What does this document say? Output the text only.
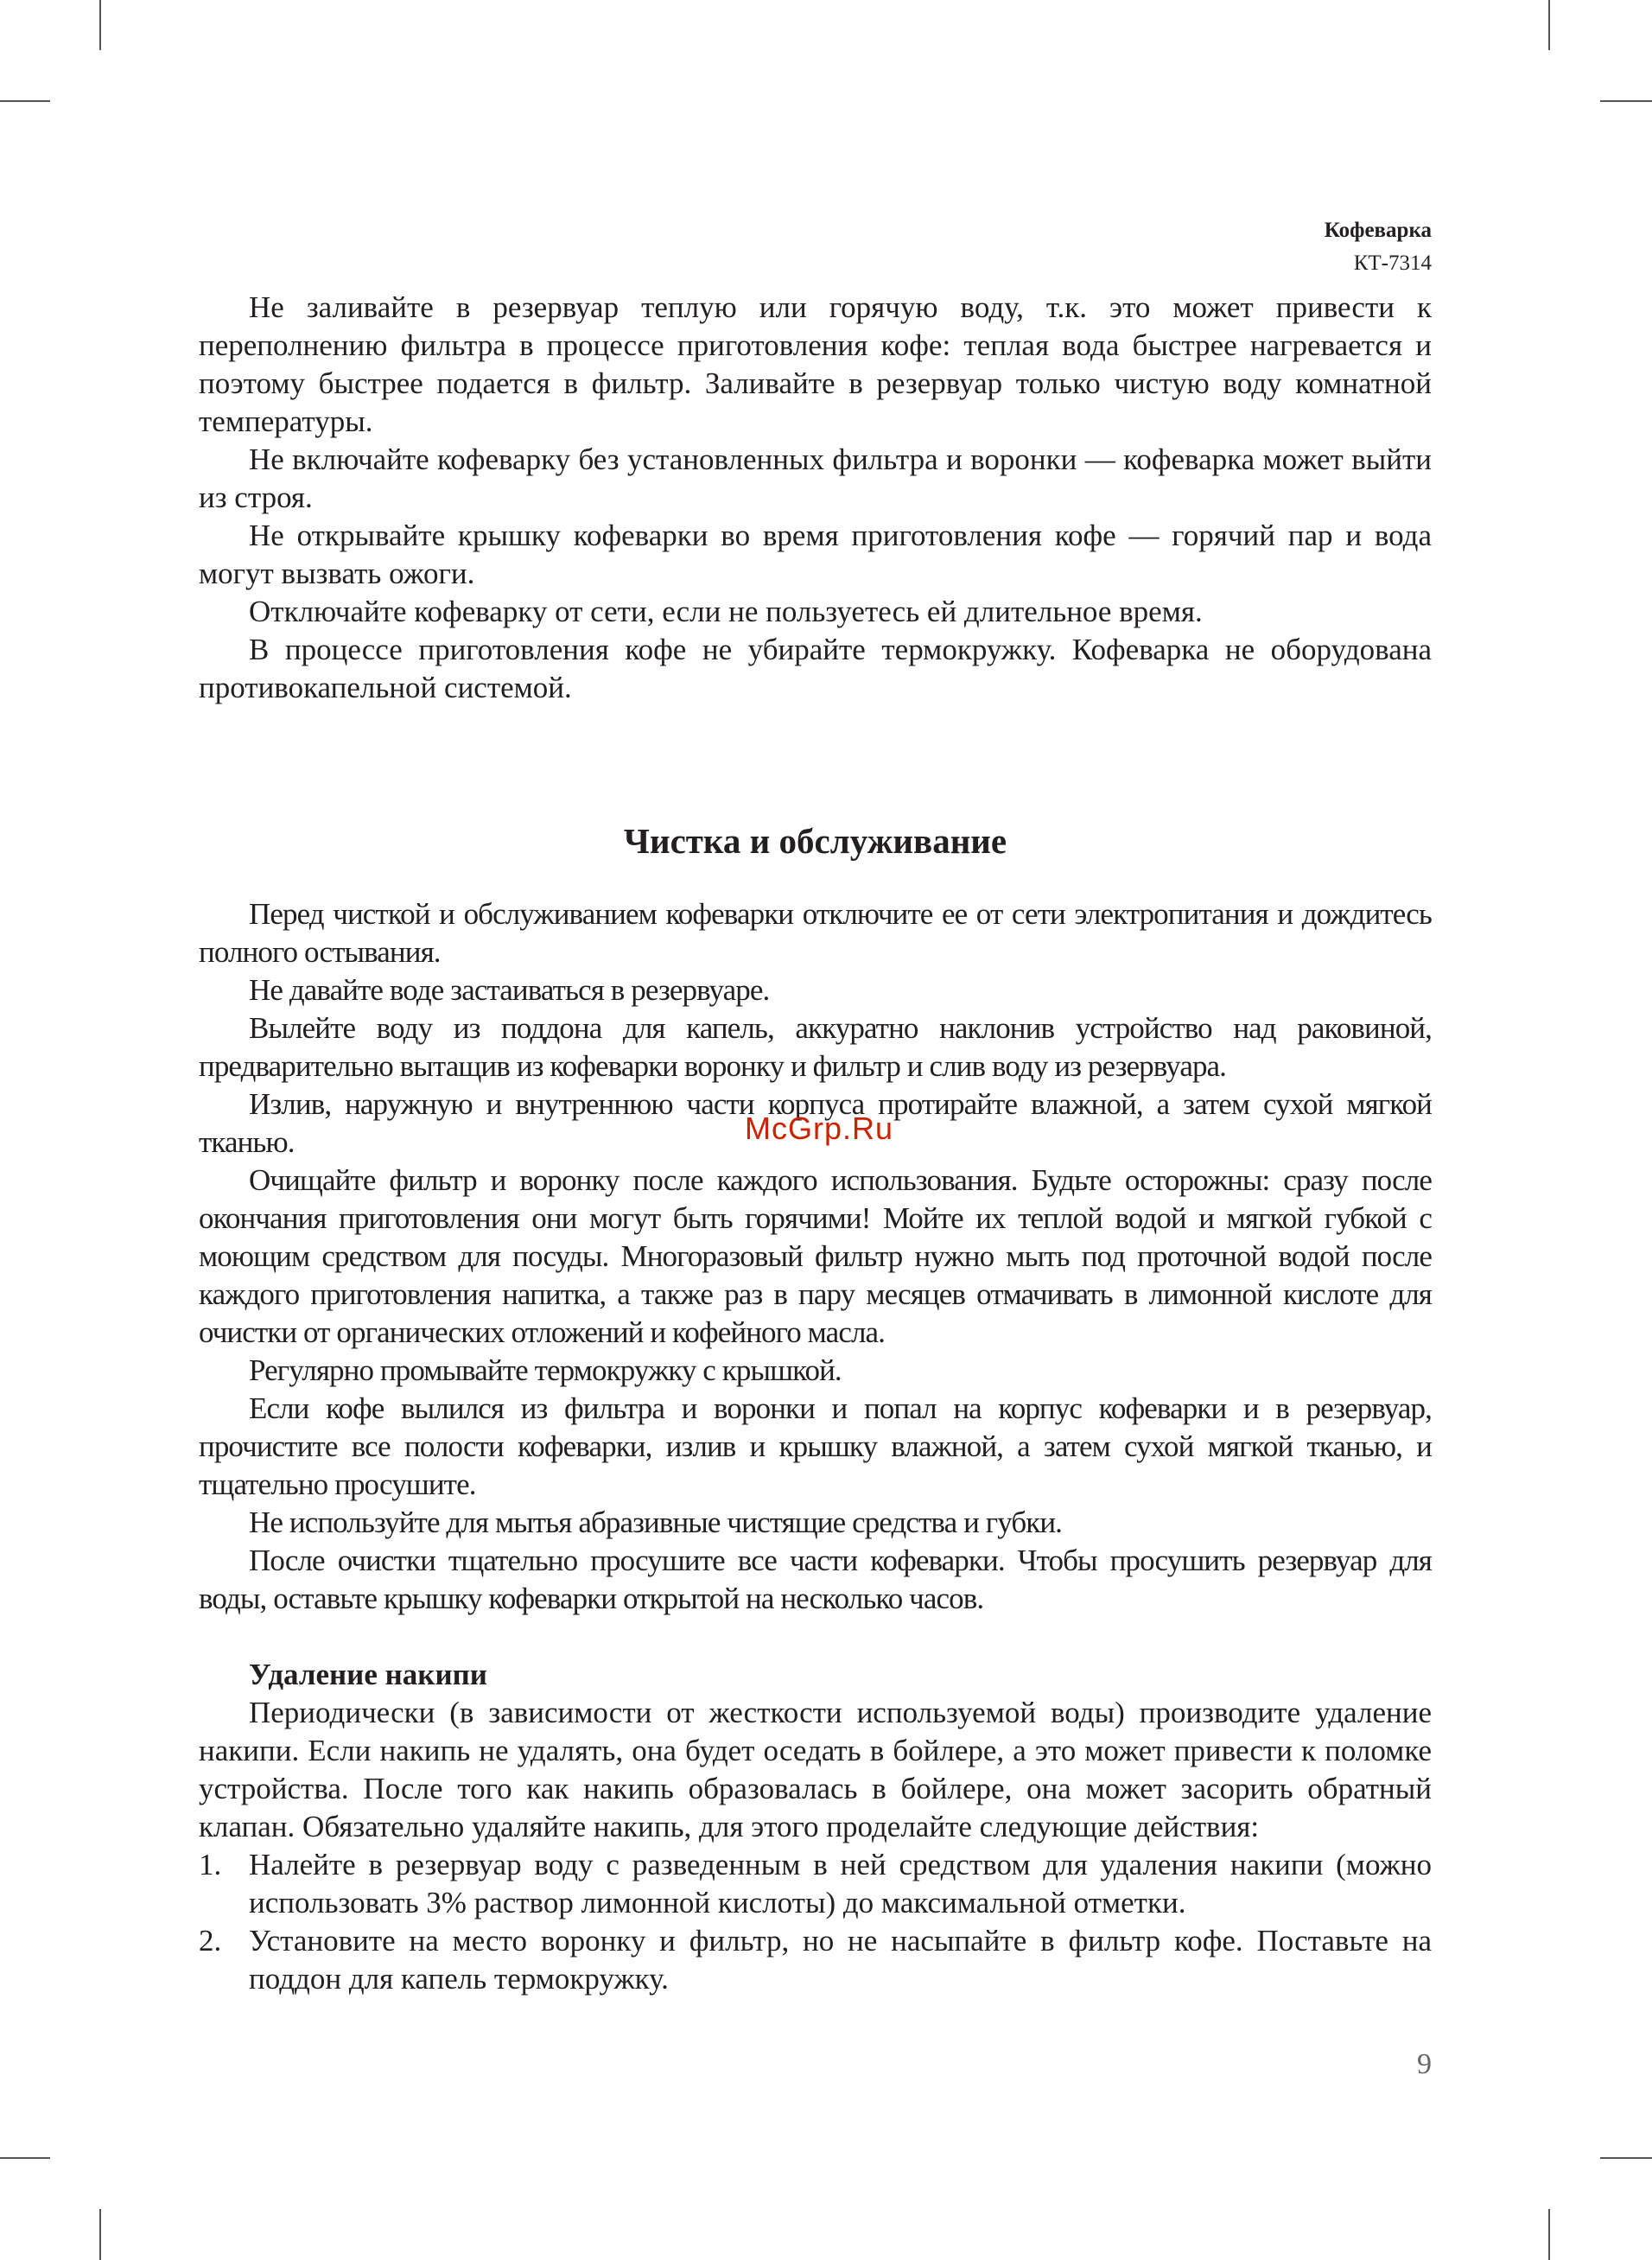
Кофеварка
КТ-7314

Не заливайте в резервуар теплую или горячую воду, т.к. это может привести к переполнению фильтра в процессе приготовления кофе: теплая вода быстрее нагревается и поэтому быстрее подается в фильтр. Заливайте в резервуар только чистую воду комнатной температуры.

Не включайте кофеварку без установленных фильтра и воронки — кофеварка может выйти из строя.

Не открывайте крышку кофеварки во время приготовления кофе — горячий пар и вода могут вызвать ожоги.

Отключайте кофеварку от сети, если не пользуетесь ей длительное время.

В процессе приготовления кофе не убирайте термокружку. Кофеварка не оборудована противокапельной системой.

Чистка и обслуживание

Перед чисткой и обслуживанием кофеварки отключите ее от сети электропитания и дождитесь полного остывания.

Не давайте воде застаиваться в резервуаре.

Вылейте воду из поддона для капель, аккуратно наклонив устройство над раковиной, предварительно вытащив из кофеварки воронку и фильтр и слив воду из резервуара.

Излив, наружную и внутреннюю части корпуса протирайте влажной, а затем сухой мягкой тканью.

Очищайте фильтр и воронку после каждого использования. Будьте осторожны: сразу после окончания приготовления они могут быть горячими! Мойте их теплой водой и мягкой губкой с моющим средством для посуды. Многоразовый фильтр нужно мыть под проточной водой после каждого приготовления напитка, а также раз в пару месяцев отмачивать в лимонной кислоте для очистки от органических отложений и кофейного масла.

Регулярно промывайте термокружку с крышкой.

Если кофе вылился из фильтра и воронки и попал на корпус кофеварки и в резервуар, прочистите все полости кофеварки, излив и крышку влажной, а затем сухой мягкой тканью, и тщательно просушите.

Не используйте для мытья абразивные чистящие средства и губки.

После очистки тщательно просушите все части кофеварки. Чтобы просушить резервуар для воды, оставьте крышку кофеварки открытой на несколько часов.

Удаление накипи

Периодически (в зависимости от жесткости используемой воды) производите удаление накипи. Если накипь не удалять, она будет оседать в бойлере, а это может привести к поломке устройства. После того как накипь образовалась в бойлере, она может засорить обратный клапан. Обязательно удаляйте накипь, для этого проделайте следующие действия:

1. Налейте в резервуар воду с разведенным в ней средством для удаления накипи (можно использовать 3% раствор лимонной кислоты) до максимальной отметки.
2. Установите на место воронку и фильтр, но не насыпайте в фильтр кофе. Поставьте на поддон для капель термокружку.
McGrp.Ru
9
